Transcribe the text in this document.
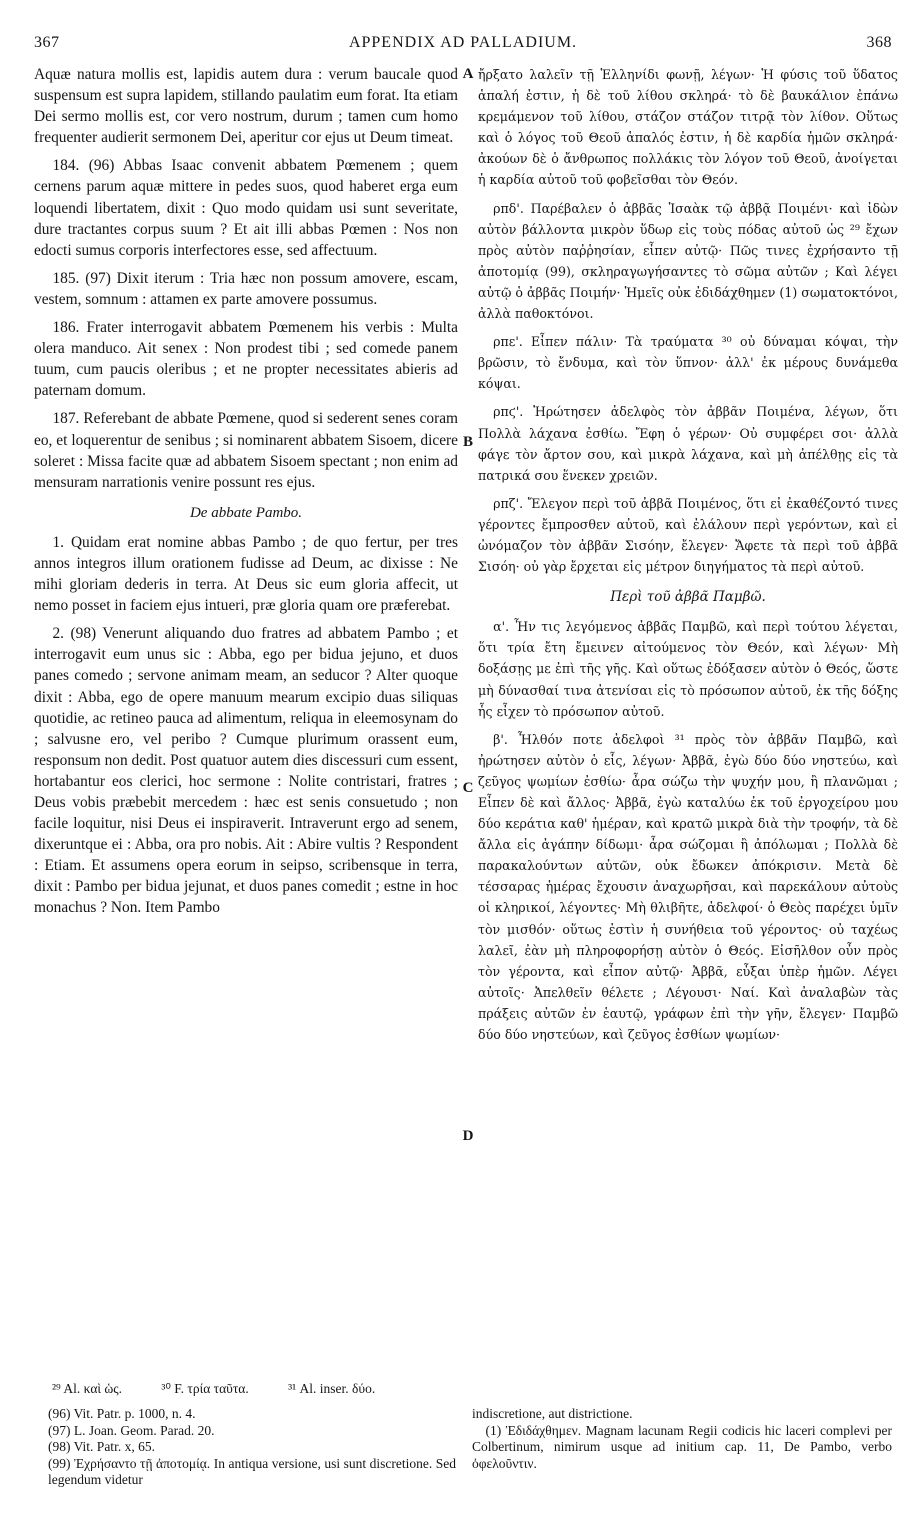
367	APPENDIX AD PALLADIUM.	368

Aquæ natura mollis est, lapidis autem dura : verum baucale quod suspensum est supra lapidem, stillando paulatim eum forat. Ita etiam Dei sermo mollis est, cor vero nostrum, durum ; tamen cum homo frequenter audierit sermonem Dei, aperitur cor ejus ut Deum timeat.

184. (96) Abbas Isaac convenit abbatem Pœmenem ; quem cernens parum aquæ mittere in pedes suos, quod haberet erga eum loquendi libertatem, dixit : Quo modo quidam usi sunt severitate, dure tractantes corpus suum ? Et ait illi abbas Pœmen : Nos non edocti sumus corporis interfectores esse, sed affectuum.

185. (97) Dixit iterum : Tria hæc non possum amovere, escam, vestem, somnum : attamen ex parte amovere possumus.

186. Frater interrogavit abbatem Pœmenem his verbis : Multa olera manduco. Ait senex : Non prodest tibi ; sed comede panem tuum, cum paucis oleribus ; et ne propter necessitates abieris ad paternam domum.

187. Referebant de abbate Pœmene, quod si sederent senes coram eo, et loquerentur de senibus ; si nominarent abbatem Sisoem, dicere soleret : Missa facite quæ ad abbatem Sisoem spectant ; non enim ad mensuram narrationis venire possunt res ejus.

De abbate Pambo.

1. Quidam erat nomine abbas Pambo ; de quo fertur, per tres annos integros illum orationem fudisse ad Deum, ac dixisse : Ne mihi gloriam dederis in terra. At Deus sic eum gloria affecit, ut nemo posset in faciem ejus intueri, præ gloria quam ore præferebat.

2. (98) Venerunt aliquando duo fratres ad abbatem Pambo ; et interrogavit eum unus sic : Abba, ego per bidua jejuno, et duos panes comedo ; servone animam meam, an seducor ? Alter quoque dixit : Abba, ego de opere manuum mearum excipio duas siliquas quotidie, ac retineo pauca ad alimentum, reliqua in eleemosynam do ; salvusne ero, vel peribo ? Cumque plurimum orassent eum, responsum non dedit. Post quatuor autem dies discessuri cum essent, hortabantur eos clerici, hoc sermone : Nolite contristari, fratres ; Deus vobis præbebit mercedem : hæc est senis consuetudo ; non facile loquitur, nisi Deus ei inspiraverit. Intraverunt ergo ad senem, dixeruntque ei : Abba, ora pro nobis. Ait : Abire vultis ? Respondent : Etiam. Et assumens opera eorum in seipso, scribensque in terra, dixit : Pambo per bidua jejunat, et duos panes comedit ; estne in hoc monachus ? Non. Item Pambo

A
B
C
D

ἤρξατο λαλεῖν τῇ Ἑλληνίδι φωνῇ, λέγων· Ἡ φύσις τοῦ ὕδατος ἁπαλή ἐστιν, ἡ δὲ τοῦ λίθου σκληρά· τὸ δὲ βαυκάλιον ἐπάνω κρεμάμενον τοῦ λίθου, στάζον στάζον τιτρᾷ τὸν λίθον. Οὕτως καὶ ὁ λόγος τοῦ Θεοῦ ἁπαλός ἐστιν, ἡ δὲ καρδία ἡμῶν σκληρά· ἀκούων δὲ ὁ ἄνθρωπος πολλάκις τὸν λόγον τοῦ Θεοῦ, ἀνοίγεται ἡ καρδία αὐτοῦ τοῦ φοβεῖσθαι τὸν Θεόν.

ρπδ'. Παρέβαλεν ὁ ἀββᾶς Ἰσαὰκ τῷ ἀββᾷ Ποιμένι· καὶ ἰδὼν αὐτὸν βάλλοντα μικρὸν ὕδωρ εἰς τοὺς πόδας αὐτοῦ ὡς ²⁹ ἔχων πρὸς αὐτὸν παῤῥησίαν, εἶπεν αὐτῷ· Πῶς τινες ἐχρήσαντο τῇ ἀποτομίᾳ (99), σκληραγωγήσαντες τὸ σῶμα αὐτῶν ; Καὶ λέγει αὐτῷ ὁ ἀββᾶς Ποιμήν· Ἡμεῖς οὐκ ἐδιδάχθημεν (1) σωματοκτόνοι, ἀλλὰ παθοκτόνοι.

ρπε'. Εἶπεν πάλιν· Τὰ τραύματα ³⁰ οὐ δύναμαι κόψαι, τὴν βρῶσιν, τὸ ἔνδυμα, καὶ τὸν ὕπνον· ἀλλ' ἐκ μέρους δυνάμεθα κόψαι.

ρπϛ'. Ἠρώτησεν ἀδελφὸς τὸν ἀββᾶν Ποιμένα, λέγων, ὅτι Πολλὰ λάχανα ἐσθίω. Ἔφη ὁ γέρων· Οὐ συμφέρει σοι· ἀλλὰ φάγε τὸν ἄρτον σου, καὶ μικρὰ λάχανα, καὶ μὴ ἀπέλθῃς εἰς τὰ πατρικά σου ἕνεκεν χρειῶν.

ρπζ'. Ἔλεγον περὶ τοῦ ἀββᾶ Ποιμένος, ὅτι εἰ ἐκαθέζοντό τινες γέροντες ἔμπροσθεν αὐτοῦ, καὶ ἐλάλουν περὶ γερόντων, καὶ εἰ ὠνόμαζον τὸν ἀββᾶν Σισόην, ἔλεγεν· Ἄφετε τὰ περὶ τοῦ ἀββᾶ Σισόη· οὐ γὰρ ἔρχεται εἰς μέτρον διηγήματος τὰ περὶ αὐτοῦ.

Περὶ τοῦ ἀββᾶ Παμβῶ.

α'. Ἦν τις λεγόμενος ἀββᾶς Παμβῶ, καὶ περὶ τούτου λέγεται, ὅτι τρία ἔτη ἔμεινεν αἰτούμενος τὸν Θεόν, καὶ λέγων· Μὴ δοξάσῃς με ἐπὶ τῆς γῆς. Καὶ οὕτως ἐδόξασεν αὐτὸν ὁ Θεός, ὥστε μὴ δύνασθαί τινα ἀτενίσαι εἰς τὸ πρόσωπον αὐτοῦ, ἐκ τῆς δόξης ἧς εἶχεν τὸ πρόσωπον αὐτοῦ.

β'. Ἦλθόν ποτε ἀδελφοὶ ³¹ πρὸς τὸν ἀββᾶν Παμβῶ, καὶ ἠρώτησεν αὐτὸν ὁ εἷς, λέγων· Ἀββᾶ, ἐγὼ δύο δύο νηστεύω, καὶ ζεῦγος ψωμίων ἐσθίω· ἆρα σώζω τὴν ψυχήν μου, ἢ πλανῶμαι ; Εἶπεν δὲ καὶ ἄλλος· Ἀββᾶ, ἐγὼ καταλύω ἐκ τοῦ ἐργοχείρου μου δύο κεράτια καθ' ἡμέραν, καὶ κρατῶ μικρὰ διὰ τὴν τροφήν, τὰ δὲ ἄλλα εἰς ἀγάπην δίδωμι· ἆρα σώζομαι ἢ ἀπόλωμαι ; Πολλὰ δὲ παρακαλούντων αὐτῶν, οὐκ ἔδωκεν ἀπόκρισιν. Μετὰ δὲ τέσσαρας ἡμέρας ἔχουσιν ἀναχωρῆσαι, καὶ παρεκάλουν αὐτοὺς οἱ κληρικοί, λέγοντες· Μὴ θλιβῆτε, ἀδελφοί· ὁ Θεὸς παρέχει ὑμῖν τὸν μισθόν· οὕτως ἐστὶν ἡ συνήθεια τοῦ γέροντος· οὐ ταχέως λαλεῖ, ἐὰν μὴ πληροφορήσῃ αὐτὸν ὁ Θεός. Εἰσῆλθον οὖν πρὸς τὸν γέροντα, καὶ εἶπον αὐτῷ· Ἀββᾶ, εὖξαι ὑπὲρ ἡμῶν. Λέγει αὐτοῖς· Ἀπελθεῖν θέλετε ; Λέγουσι· Ναί. Καὶ ἀναλαβὼν τὰς πράξεις αὐτῶν ἐν ἑαυτῷ, γράφων ἐπὶ τὴν γῆν, ἔλεγεν· Παμβῶ δύο δύο νηστεύων, καὶ ζεῦγος ἐσθίων ψωμίων·

²⁹ Al. καὶ ὡς.	³⁰ F. τρία ταῦτα.	³¹ Al. inser. δύο.
(96) Vit. Patr. p. 1000, n. 4.
(97) L. Joan. Geom. Parad. 20.
(98) Vit. Patr. x, 65.
(99) Ἐχρήσαντο τῇ ἀποτομίᾳ. In antiqua versione, usi sunt discretione. Sed legendum videtur
indiscretione, aut districtione.
(1) Ἐδιδάχθημεν. Magnam lacunam Regii codicis hic laceri complevi per Colbertinum, nimirum usque ad initium cap. 11, De Pambo, verbo ὀφελοῦντιν.
